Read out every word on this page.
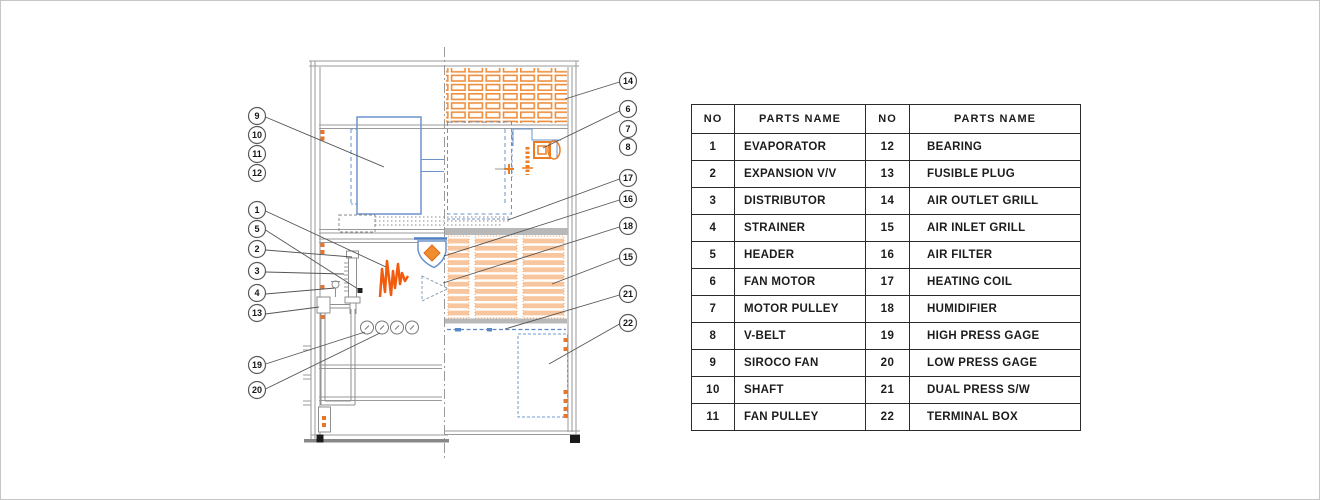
9
10
11
12
1
5
2
3
4
13
19
20
14
6
7
8
17
16
18
15
21
22
NO	PARTS NAME	NO	PARTS NAME
1	EVAPORATOR	12	BEARING
2	EXPANSION V/V	13	FUSIBLE PLUG
3	DISTRIBUTOR	14	AIR OUTLET GRILL
4	STRAINER	15	AIR INLET GRILL
5	HEADER	16	AIR FILTER
6	FAN MOTOR	17	HEATING COIL
7	MOTOR PULLEY	18	HUMIDIFIER
8	V-BELT	19	HIGH PRESS GAGE
9	SIROCO FAN	20	LOW PRESS GAGE
10	SHAFT	21	DUAL PRESS S/W
11	FAN PULLEY	22	TERMINAL BOX
